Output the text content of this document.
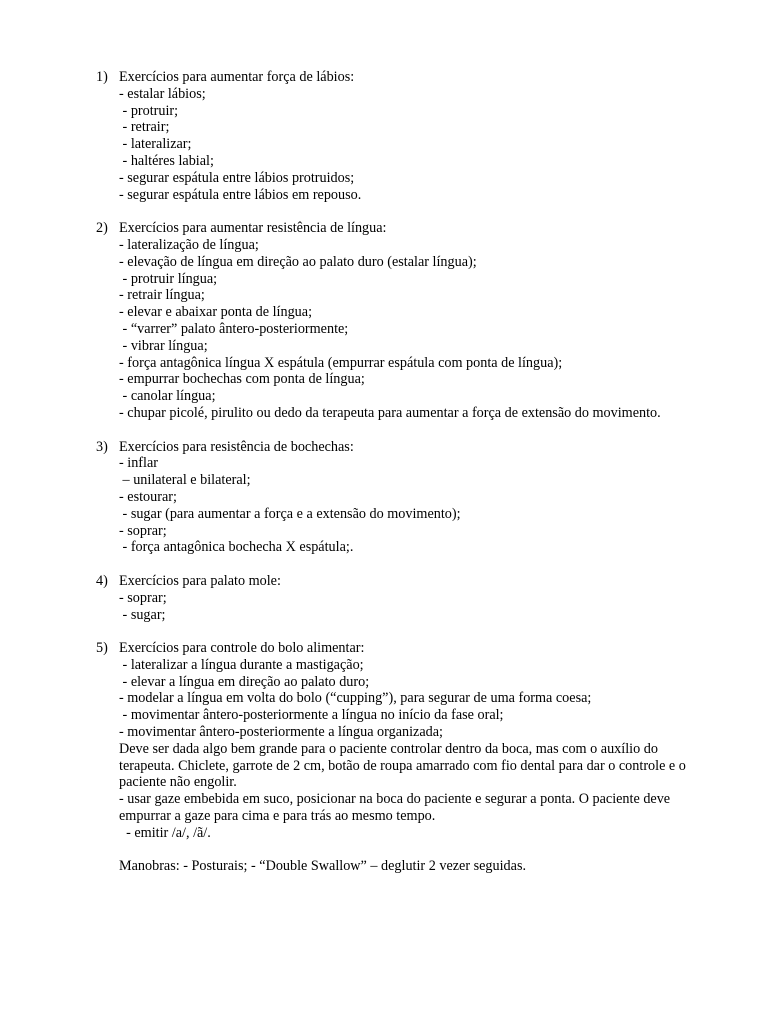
1) Exercícios para aumentar força de lábios:
- estalar lábios;
- protruir;
- retrair;
- lateralizar;
- haltéres labial;
- segurar espátula entre lábios protruidos;
- segurar espátula entre lábios em repouso.
2) Exercícios para aumentar resistência de língua:
- lateralização de língua;
- elevação de língua em direção ao palato duro (estalar língua);
- protruir língua;
- retrair língua;
- elevar e abaixar ponta de língua;
- “varrer” palato ântero-posteriormente;
- vibrar língua;
- força antagônica língua X espátula (empurrar espátula com ponta de língua);
- empurrar bochechas com ponta de língua;
- canolar língua;
- chupar picolé, pirulito ou dedo da terapeuta para aumentar a força de extensão do movimento.
3) Exercícios para resistência de bochechas:
- inflar
– unilateral e bilateral;
- estourar;
- sugar (para aumentar a força e a extensão do movimento);
- soprar;
- força antagônica bochecha X espátula;.
4) Exercícios para palato mole:
- soprar;
- sugar;
5) Exercícios para controle do bolo alimentar:
- lateralizar a língua durante a mastigação;
- elevar a língua em direção ao palato duro;
- modelar a língua em volta do bolo (“cupping”), para segurar de uma forma coesa;
- movimentar ântero-posteriormente a língua no início da fase oral;
- movimentar ântero-posteriormente a língua organizada;
Deve ser dada algo bem grande para o paciente controlar dentro da boca, mas com o auxílio do terapeuta. Chiclete, garrote de 2 cm, botão de roupa amarrado com fio dental para dar o controle e o paciente não engolir.
- usar gaze embebida em suco, posicionar na boca do paciente e segurar a ponta. O paciente deve empurrar a gaze para cima e para trás ao mesmo tempo.
- emitir /a/, /ã/.
Manobras: - Posturais; - “Double Swallow” – deglutir 2 vezer seguidas.
